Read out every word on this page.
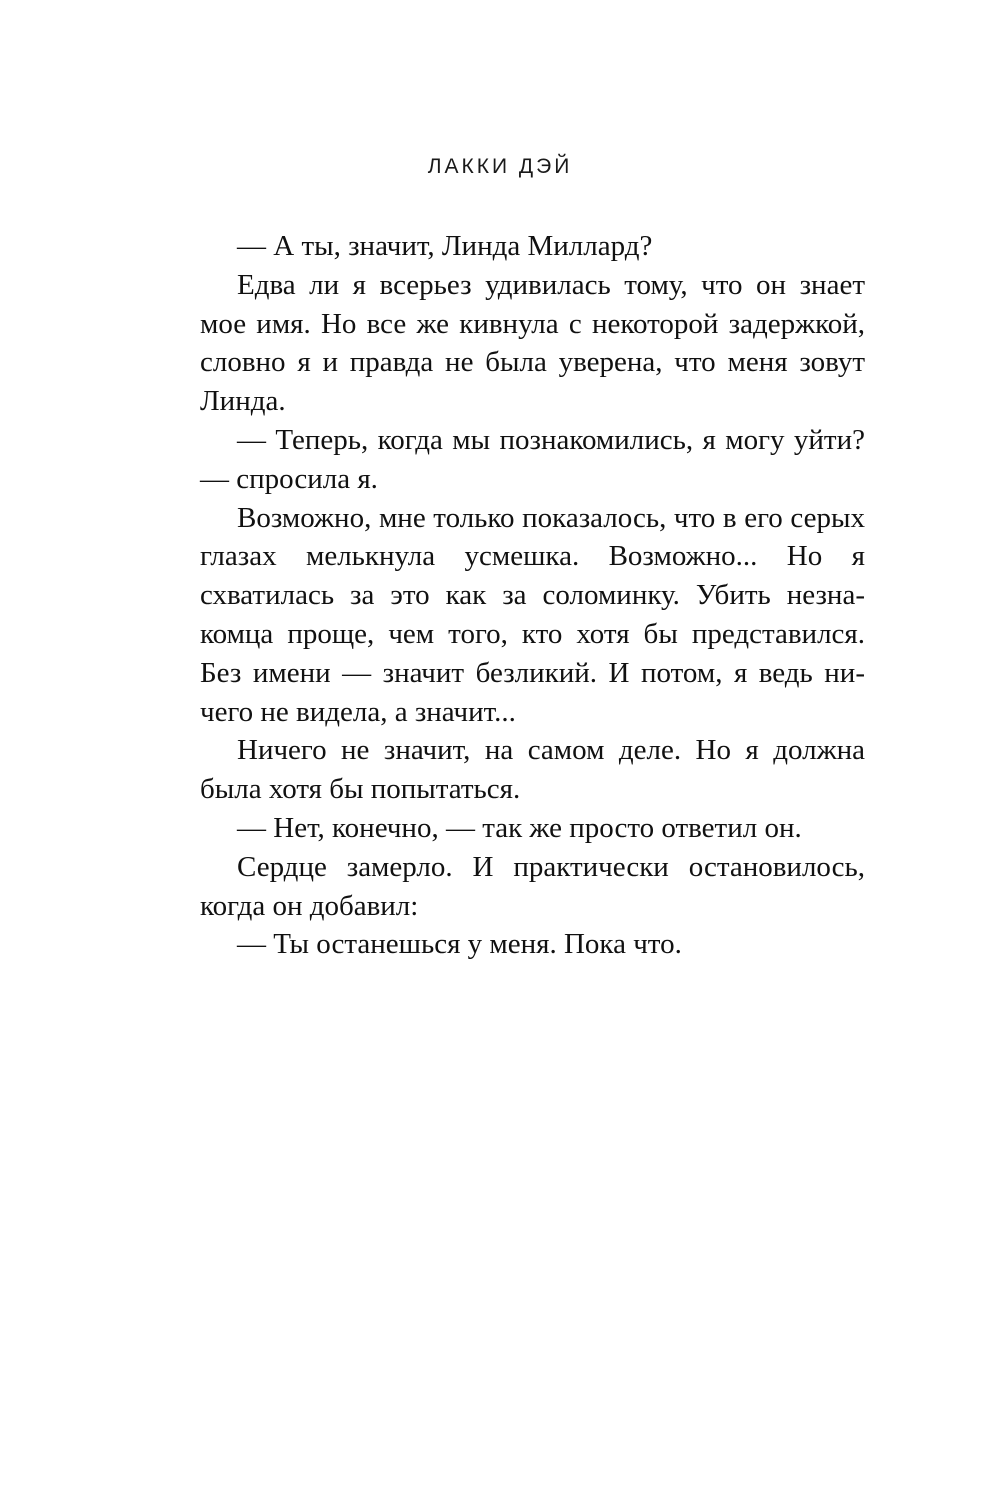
ЛАККИ ДЭЙ

— А ты, значит, Линда Миллард?

Едва ли я всерьез удивилась тому, что он знает мое имя. Но все же кивнула с некоторой задержкой, словно я и правда не была уверена, что меня зовут Линда.

— Теперь, когда мы познакомились, я могу уйти? — спросила я.

Возможно, мне только показалось, что в его серых глазах мелькнула усмешка. Возможно... Но я схватилась за это как за соломинку. Убить незнакомца проще, чем того, кто хотя бы представился. Без имени — значит безликий. И потом, я ведь ничего не видела, а значит...

Ничего не значит, на самом деле. Но я должна была хотя бы попытаться.

— Нет, конечно, — так же просто ответил он.

Сердце замерло. И практически остановилось, когда он добавил:

— Ты останешься у меня. Пока что.
